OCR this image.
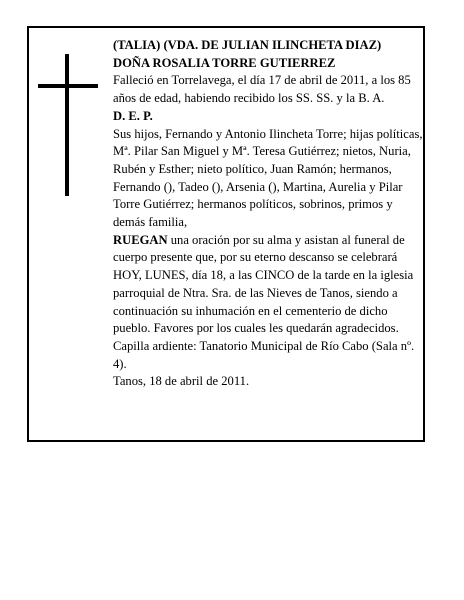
(TALIA) (VDA. DE JULIAN ILINCHETA DIAZ)

DOÑA ROSALIA TORRE GUTIERREZ

Falleció en Torrelavega, el día 17 de abril de 2011, a los 85 años de edad, habiendo recibido los SS. SS. y la B. A.

D. E. P.

Sus hijos, Fernando y Antonio Ilincheta Torre; hijas políticas, Mª. Pilar San Miguel y Mª. Teresa Gutiérrez; nietos, Nuria, Rubén y Esther; nieto político, Juan Ramón; hermanos, Fernando (), Tadeo (), Arsenia (), Martina, Aurelia y Pilar Torre Gutiérrez; hermanos políticos, sobrinos, primos y demás familia,

RUEGAN una oración por su alma y asistan al funeral de cuerpo presente que, por su eterno descanso se celebrará HOY, LUNES, día 18, a las CINCO de la tarde en la iglesia parroquial de Ntra. Sra. de las Nieves de Tanos, siendo a continuación su inhumación en el cementerio de dicho pueblo. Favores por los cuales les quedarán agradecidos. Capilla ardiente: Tanatorio Municipal de Río Cabo (Sala nº. 4).

Tanos, 18 de abril de 2011.
